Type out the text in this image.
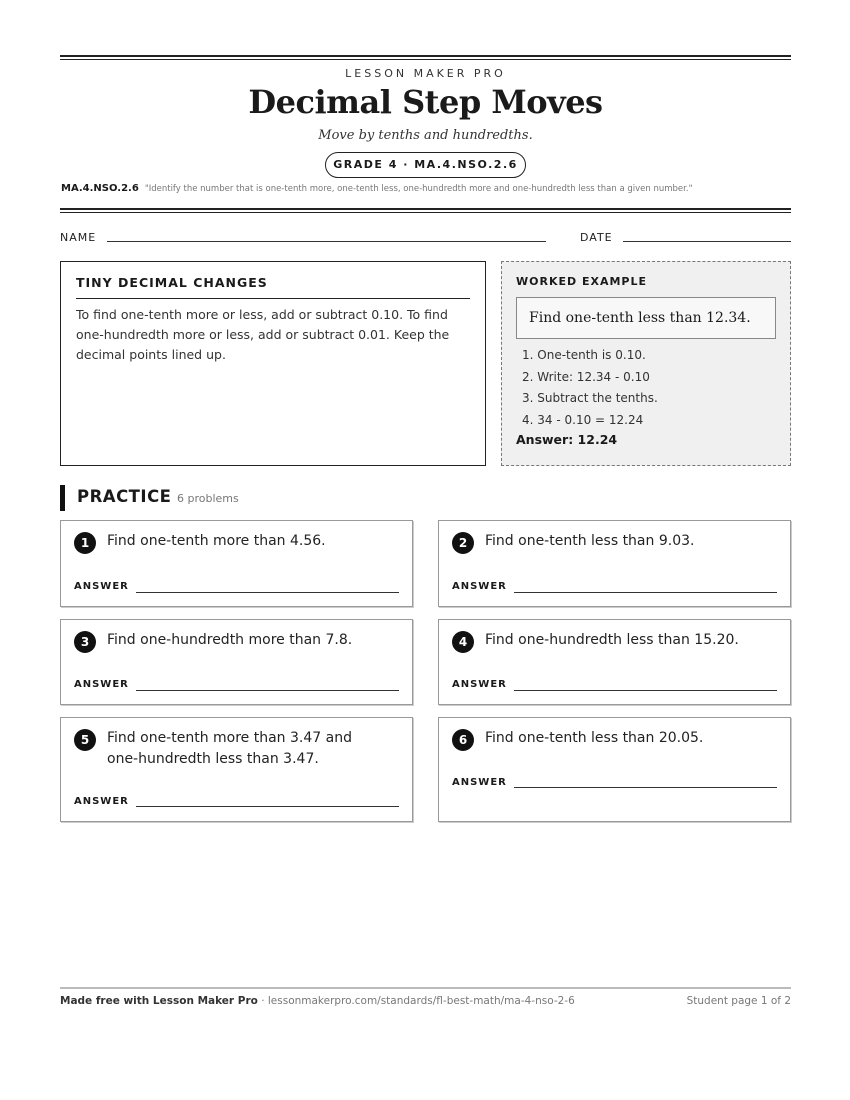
LESSON MAKER PRO
Decimal Step Moves
Move by tenths and hundredths.
GRADE 4 · MA.4.NSO.2.6
MA.4.NSO.2.6 "Identify the number that is one-tenth more, one-tenth less, one-hundredth more and one-hundredth less than a given number."
NAME	DATE
TINY DECIMAL CHANGES
To find one-tenth more or less, add or subtract 0.10. To find one-hundredth more or less, add or subtract 0.01. Keep the decimal points lined up.
WORKED EXAMPLE
Find one-tenth less than 12.34.
1. One-tenth is 0.10.
2. Write: 12.34 - 0.10
3. Subtract the tenths.
4. 34 - 0.10 = 12.24
Answer: 12.24
PRACTICE 6 problems
1	Find one-tenth more than 4.56.
ANSWER
2	Find one-tenth less than 9.03.
ANSWER
3	Find one-hundredth more than 7.8.
ANSWER
4	Find one-hundredth less than 15.20.
ANSWER
5	Find one-tenth more than 3.47 and one-hundredth less than 3.47.
ANSWER
6	Find one-tenth less than 20.05.
ANSWER
Made free with Lesson Maker Pro · lessonmakerpro.com/standards/fl-best-math/ma-4-nso-2-6	Student page 1 of 2
